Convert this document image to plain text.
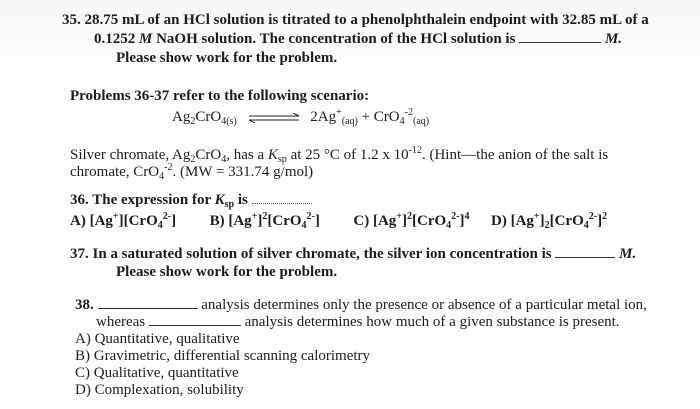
35. 28.75 mL of an HCl solution is titrated to a phenolphthalein endpoint with 32.85 mL of a
0.1252 M NaOH solution. The concentration of the HCl solution is	M.
Please show work for the problem.
Problems 36-37 refer to the following scenario:
$Ag_2CrO_{4(s)}$ ⇌ $2Ag^+_{(aq)} + CrO_4^{-2}_{(aq)}$
Silver chromate, $Ag_2CrO_4$, has a $K_{sp}$ at 25 °C of 1.2 x $10^{-12}$. (Hint—the anion of the salt is
chromate, CrO$_4^{-2}$. (MW = 331.74 g/mol)
36. The expression for $K_{sp}$ is
A) [Ag+][CrO$_4^{2-}$] B) $[Ag^+]^2[CrO_4^{2-}]$ C) $[Ag^+]^2[CrO_4^{2-}]^4$ D) $[Ag^+]_2[CrO_4^{2-}]^2$
37. In a saturated solution of silver chromate, the silver ion concentration is	M.
Please show work for the problem.
38.	analysis determines only the presence or absence of a particular metal ion,
whereas	analysis determines how much of a given substance is present.
A) Quantitative, qualitative
B) Gravimetric, differential scanning calorimetry
C) Qualitative, quantitative
D) Complexation, solubility
